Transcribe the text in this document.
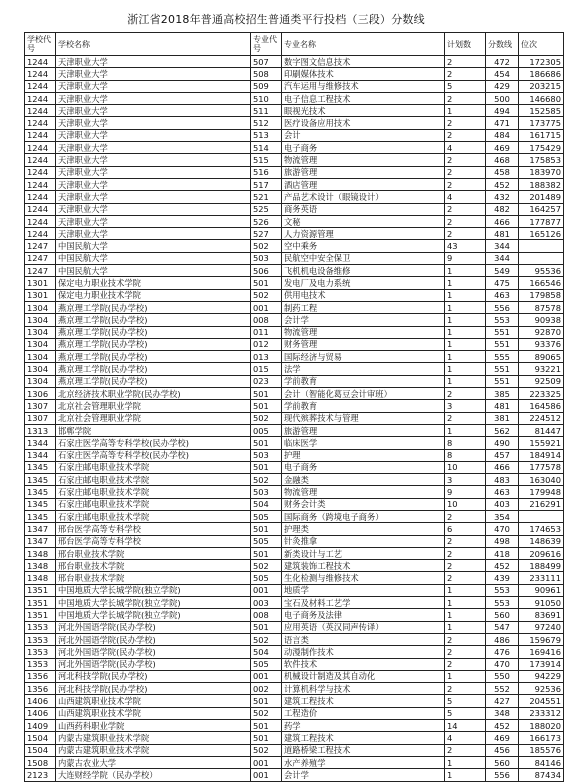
浙江省2018年普通高校招生普通类平行投档（三段）分数线
学校代号	学校名称	专业代号	专业名称	计划数	分数线	位次
1244	天津职业大学	507	数字图文信息技术	2	472	172305
1244	天津职业大学	508	印刷媒体技术	2	454	186686
1244	天津职业大学	509	汽车运用与维修技术	5	429	203215
1244	天津职业大学	510	电子信息工程技术	2	500	146680
1244	天津职业大学	511	眼视光技术	1	494	152585
1244	天津职业大学	512	医疗设备应用技术	2	471	173775
1244	天津职业大学	513	会计	2	484	161715
1244	天津职业大学	514	电子商务	4	469	175429
1244	天津职业大学	515	物流管理	2	468	175853
1244	天津职业大学	516	旅游管理	2	458	183970
1244	天津职业大学	517	酒店管理	2	452	188382
1244	天津职业大学	521	产品艺术设计（眼镜设计）	4	432	201489
1244	天津职业大学	525	商务英语	2	482	164257
1244	天津职业大学	526	文秘	2	466	177877
1244	天津职业大学	527	人力资源管理	2	481	165126
1247	中国民航大学	502	空中乘务	43	344	
1247	中国民航大学	503	民航空中安全保卫	9	344	
1247	中国民航大学	506	飞机机电设备维修	1	549	95536
1301	保定电力职业技术学院	501	发电厂及电力系统	1	475	166546
1301	保定电力职业技术学院	502	供用电技术	1	463	179858
1304	燕京理工学院(民办学校)	001	制药工程	1	556	87578
1304	燕京理工学院(民办学校)	008	会计学	1	553	90938
1304	燕京理工学院(民办学校)	011	物流管理	1	551	92870
1304	燕京理工学院(民办学校)	012	财务管理	1	551	93376
1304	燕京理工学院(民办学校)	013	国际经济与贸易	1	555	89065
1304	燕京理工学院(民办学校)	015	法学	1	551	93221
1304	燕京理工学院(民办学校)	023	学前教育	1	551	92509
1306	北京经济技术职业学院(民办学校)	501	会计（智能化葛豆会计审班）	2	385	223325
1307	北京社会管理职业学院	501	学前教育	3	481	164586
1307	北京社会管理职业学院	502	现代殡葬技术与管理	2	381	224512
1313	邯郸学院	005	旅游管理	1	562	81447
1344	石家庄医学高等专科学校(民办学校)	501	临床医学	8	490	155921
1344	石家庄医学高等专科学校(民办学校)	503	护理	8	457	184914
1345	石家庄邮电职业技术学院	501	电子商务	10	466	177578
1345	石家庄邮电职业技术学院	502	金融类	3	483	163040
1345	石家庄邮电职业技术学院	503	物流管理	9	463	179948
1345	石家庄邮电职业技术学院	504	财务会计类	10	403	216291
1345	石家庄邮电职业技术学院	505	国际商务（跨境电子商务）	2	354	
1347	邢台医学高等专科学校	501	护理类	6	470	174653
1347	邢台医学高等专科学校	505	针灸推拿	2	498	148639
1348	邢台职业技术学院	501	新类设计与工艺	2	418	209616
1348	邢台职业技术学院	502	建筑装饰工程技术	2	452	188499
1348	邢台职业技术学院	505	生化检测与维修技术	2	439	233111
1351	中国地质大学长城学院(独立学院)	001	地质学	1	553	90961
1351	中国地质大学长城学院(独立学院)	003	宝石及材料工艺学	1	553	91050
1351	中国地质大学长城学院(独立学院)	008	电子商务及法律	1	560	83691
1353	河北外国语学院(民办学校)	501	应用英语（英汉同声传译）	1	547	97240
1353	河北外国语学院(民办学校)	502	语言类	2	486	159679
1353	河北外国语学院(民办学校)	504	动漫制作技术	2	476	169416
1353	河北外国语学院(民办学校)	505	软件技术	2	470	173914
1356	河北科技学院(民办学校)	001	机械设计制造及其自动化	1	550	94229
1356	河北科技学院(民办学校)	002	计算机科学与技术	2	552	92536
1406	山西建筑职业技术学院	501	建筑工程技术	5	427	204551
1406	山西建筑职业技术学院	502	工程造价	5	348	233312
1409	山西药科职业学院	501	药学	14	452	188020
1504	内蒙古建筑职业技术学院	501	建筑工程技术	4	469	166173
1504	内蒙古建筑职业技术学院	502	道路桥梁工程技术	2	456	185576
1508	内蒙古农业大学	001	水产养殖学	1	560	84146
2123	大连财经学院（民办学校）	001	会计学	1	556	87434
